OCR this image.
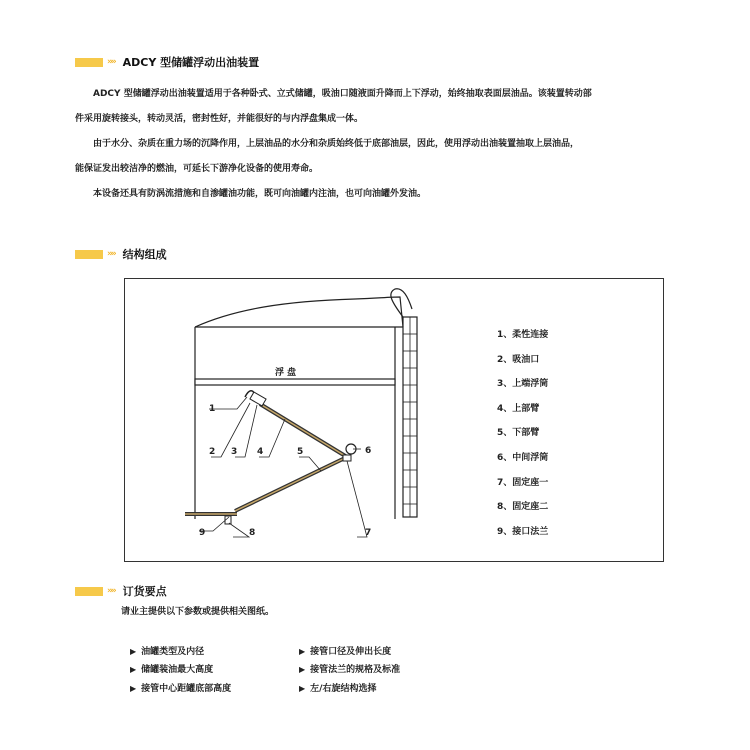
»» ADCY 型储罐浮动出油装置

ADCY 型储罐浮动出油装置适用于各种卧式、立式储罐，吸油口随液面升降而上下浮动，始终抽取表面层油品。该装置转动部

件采用旋转接头，转动灵活，密封性好，并能很好的与内浮盘集成一体。

由于水分、杂质在重力场的沉降作用，上层油品的水分和杂质始终低于底部油层，因此，使用浮动出油装置抽取上层油品，

能保证发出较洁净的燃油，可延长下游净化设备的使用寿命。

本设备还具有防涡流措施和自渗罐油功能，既可向油罐内注油，也可向油罐外发油。

»» 结构组成
浮 盘
1
2 3 4	5	6
7
8
9
1、柔性连接
2、吸油口
3、上端浮筒
4、上部臂
5、下部臂
6、中间浮筒
7、固定座一
8、固定座二
9、接口法兰
»» 订货要点
请业主提供以下参数或提供相关图纸。
▶ 油罐类型及内径
▶ 储罐装油最大高度
▶ 接管中心距罐底部高度
▶ 接管口径及伸出长度
▶ 接管法兰的规格及标准
▶ 左/右旋结构选择
